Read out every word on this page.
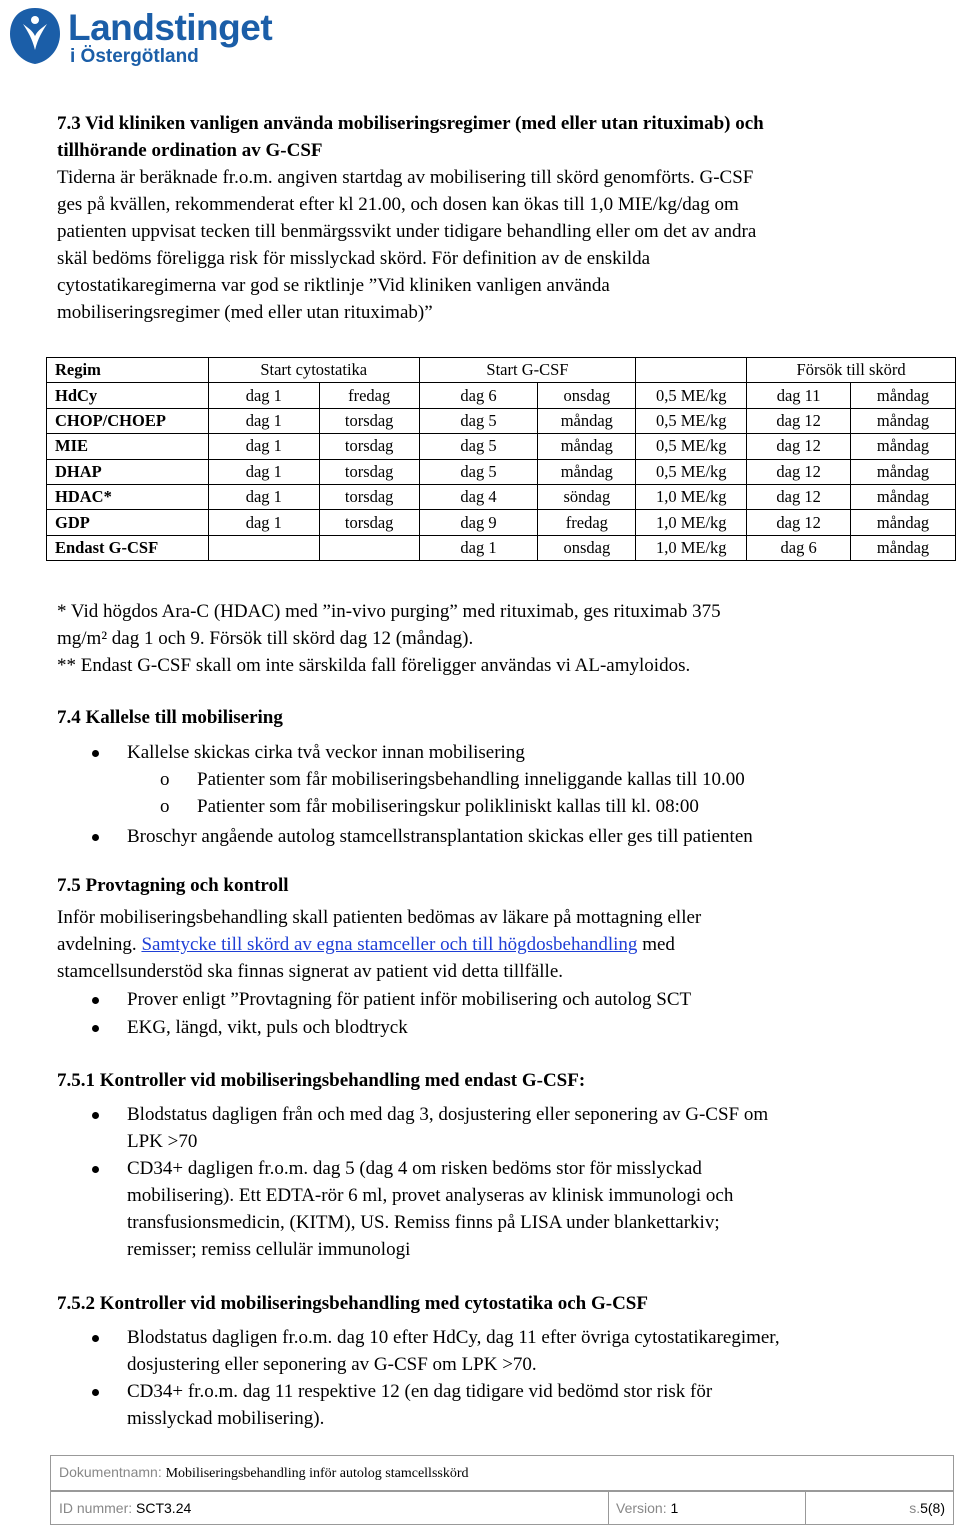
Landstinget
i Östergötland
7.3 Vid kliniken vanligen använda mobiliseringsregimer (med eller utan rituximab) och
tillhörande ordination av G-CSF
Tiderna är beräknade fr.o.m. angiven startdag av mobilisering till skörd genomförts. G-CSF
ges på kvällen, rekommenderat efter kl 21.00, och dosen kan ökas till 1,0 MIE/kg/dag om
patienten uppvisat tecken till benmärgssvikt under tidigare behandling eller om det av andra
skäl bedöms föreligga risk för misslyckad skörd. För definition av de enskilda
cytostatikaregimerna var god se riktlinje ”Vid kliniken vanligen använda
mobiliseringsregimer (med eller utan rituximab)”
Regim	Start cytostatika		Start G-CSF			Försök till skörd	
HdCy	dag 1	fredag	dag 6	onsdag	0,5 ME/kg	dag 11	måndag
CHOP/CHOEP	dag 1	torsdag	dag 5	måndag	0,5 ME/kg	dag 12	måndag
MIE	dag 1	torsdag	dag 5	måndag	0,5 ME/kg	dag 12	måndag
DHAP	dag 1	torsdag	dag 5	måndag	0,5 ME/kg	dag 12	måndag
HDAC*	dag 1	torsdag	dag 4	söndag	1,0 ME/kg	dag 12	måndag
GDP	dag 1	torsdag	dag 9	fredag	1,0 ME/kg	dag 12	måndag
Endast G-CSF			dag 1	onsdag	1,0 ME/kg	dag 6	måndag
* Vid högdos Ara-C (HDAC) med ”in-vivo purging” med rituximab, ges rituximab 375
mg/m² dag 1 och 9. Försök till skörd dag 12 (måndag).
** Endast G-CSF skall om inte särskilda fall föreligger användas vi AL-amyloidos.
7.4 Kallelse till mobilisering
Kallelse skickas cirka två veckor innan mobilisering
o Patienter som får mobiliseringsbehandling inneliggande kallas till 10.00
o Patienter som får mobiliseringskur polikliniskt kallas till kl. 08:00
Broschyr angående autolog stamcellstransplantation skickas eller ges till patienten
7.5 Provtagning och kontroll
Inför mobiliseringsbehandling skall patienten bedömas av läkare på mottagning eller
avdelning. Samtycke till skörd av egna stamceller och till högdosbehandling med
stamcellsunderstöd ska finnas signerat av patient vid detta tillfälle.
Prover enligt ”Provtagning för patient inför mobilisering och autolog SCT
EKG, längd, vikt, puls och blodtryck
7.5.1 Kontroller vid mobiliseringsbehandling med endast G-CSF:
Blodstatus dagligen från och med dag 3, dosjustering eller seponering av G-CSF om
LPK >70
CD34+ dagligen fr.o.m. dag 5 (dag 4 om risken bedöms stor för misslyckad
mobilisering). Ett EDTA-rör 6 ml, provet analyseras av klinisk immunologi och
transfusionsmedicin, (KITM), US. Remiss finns på LISA under blankettarkiv;
remisser; remiss cellulär immunologi
7.5.2 Kontroller vid mobiliseringsbehandling med cytostatika och G-CSF
Blodstatus dagligen fr.o.m. dag 10 efter HdCy, dag 11 efter övriga cytostatikaregimer,
dosjustering eller seponering av G-CSF om LPK >70.
CD34+ fr.o.m. dag 11 respektive 12 (en dag tidigare vid bedömd stor risk för
misslyckad mobilisering).
Dokumentnamn: Mobiliseringsbehandling inför autolog stamcellsskörd
ID nummer: SCT3.24	Version: 1	s.5(8)
